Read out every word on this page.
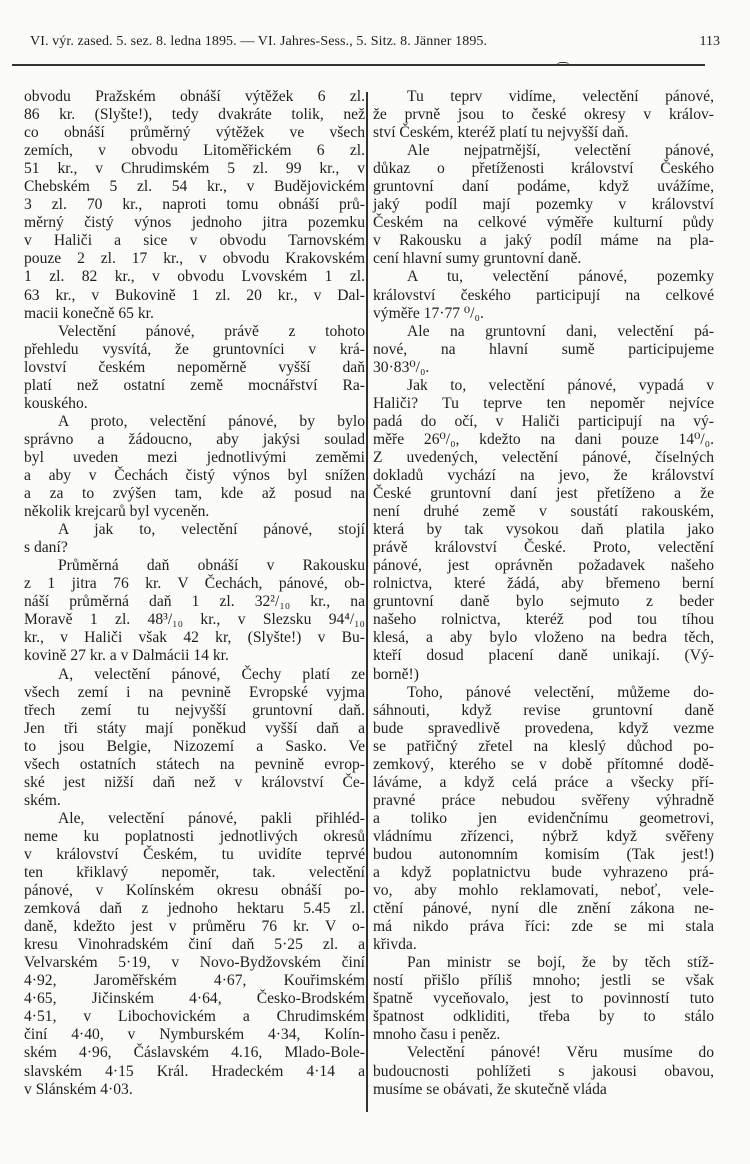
VI. výr. zased. 5. sez. 8. ledna 1895. — VI. Jahres-Sess., 5. Sitz. 8. Jänner 1895.	113
obvodu Pražském obnáší výtěžek 6 zl.
86 kr. (Slyšte!), tedy dvakráte tolik, než
co obnáší průměrný výtěžek ve všech
zemích, v obvodu Litoměřickém 6 zl.
51 kr., v Chrudimském 5 zl. 99 kr., v
Chebském 5 zl. 54 kr., v Budějovickém
3 zl. 70 kr., naproti tomu obnáší prů-
měrný čistý výnos jednoho jitra pozemku
v Haliči a sice v obvodu Tarnovském
pouze 2 zl. 17 kr., v obvodu Krakovském
1 zl. 82 kr., v obvodu Lvovském 1 zl.
63 kr., v Bukovině 1 zl. 20 kr., v Dal-
macii konečně 65 kr.
Velectění pánové, právě z tohoto
přehledu vysvítá, že gruntovníci v krá-
lovství českém nepoměrně vyšší daň
platí než ostatní země mocnářství Ra-
kouského.
A proto, velectění pánové, by bylo
správno a žádoucno, aby jakýsi soulad
byl uveden mezi jednotlivými zeměmi
a aby v Čechách čistý výnos byl snížen
a za to zvýšen tam, kde až posud na
několik krejcarů byl vyceněn.
A jak to, velectění pánové, stojí
s daní?
Průměrná daň obnáší v Rakousku
z 1 jitra 76 kr. V Čechách, pánové, ob-
náší průměrná daň 1 zl. 32²/₁₀ kr., na
Moravě 1 zl. 48³/₁₀ kr., v Slezsku 94⁴/₁₀
kr., v Haliči však 42 kr, (Slyšte!) v Bu-
kovině 27 kr. a v Dalmácii 14 kr.
A, velectění pánové, Čechy platí ze
všech zemí i na pevnině Evropské vyjma
třech zemí tu nejvyšší gruntovní daň.
Jen tři státy mají poněkud vyšší daň a
to jsou Belgie, Nizozemí a Sasko. Ve
všech ostatních státech na pevnině evrop-
ské jest nižší daň než v království Če-
ském.
Ale, velectění pánové, pakli přihléd-
neme ku poplatnosti jednotlivých okresů
v království Českém, tu uvidíte teprvé
ten křiklavý nepoměr, tak. velectění
pánové, v Kolínském okresu obnáší po-
zemková daň z jednoho hektaru 5.45 zl.
daně, kdežto jest v průměru 76 kr. V o-
kresu Vinohradském činí daň 5·25 zl. a
Velvarském 5·19, v Novo-Bydžovském činí
4·92, Jaroměřském 4·67, Kouřimském
4·65, Jičinském 4·64, Česko-Brodském
4·51, v Libochovickém a Chrudimském
činí 4·40, v Nymburském 4·34, Kolín-
ském 4·96, Čáslavském 4.16, Mlado-Bole-
slavském 4·15 Král. Hradeckém 4·14 a
v Slánském 4·03.
Tu teprv vidíme, velectění pánové,
že prvně jsou to české okresy v králov-
ství Českém, kteréž platí tu nejvyšší daň.
Ale nejpatrnější, velectění pánové,
důkaz o přetíženosti království Českého
gruntovní daní podáme, když uvážíme,
jaký podíl mají pozemky v království
Českém na celkové výměře kulturní půdy
v Rakousku a jaký podíl máme na pla-
cení hlavní sumy gruntovní daně.
A tu, velectění pánové, pozemky
království českého participují na celkové
výměře 17·77 ⁰/₀.
Ale na gruntovní dani, velectění pá-
nové, na hlavní sumě participujeme
30·83⁰/₀.
Jak to, velectění pánové, vypadá v
Haliči? Tu teprve ten nepoměr nejvíce
padá do očí, v Haliči participují na vý-
měře 26⁰/₀, kdežto na dani pouze 14⁰/₀.
Z uvedených, velectění pánové, číselných
dokladů vychází na jevo, že království
České gruntovní daní jest přetíženo a že
není druhé země v soustátí rakouském,
která by tak vysokou daň platila jako
právě království České. Proto, velectění
pánové, jest oprávněn požadavek našeho
rolnictva, které žádá, aby břemeno berní
gruntovní daně bylo sejmuto z beder
našeho rolnictva, kteréž pod tou tíhou
klesá, a aby bylo vloženo na bedra těch,
kteří dosud placení daně unikají. (Vý-
borně!)
Toho, pánové velectění, můžeme do-
sáhnouti, když revise gruntovní daně
bude spravedlivě provedena, když vezme
se patřičný zřetel na kleslý důchod po-
zemkový, kterého se v době přítomné dodě-
láváme, a když celá práce a všecky pří-
pravné práce nebudou svěřeny výhradně
a toliko jen evidenčnímu geometrovi,
vládnímu zřízenci, nýbrž když svěřeny
budou autonomním komisím (Tak jest!)
a když poplatnictvu bude vyhrazeno prá-
vo, aby mohlo reklamovati, neboť, vele-
ctění pánové, nyní dle znění zákona ne-
má nikdo práva říci: zde se mi stala
křivda.
Pan ministr se bojí, že by těch stíž-
ností přišlo příliš mnoho; jestli se však
špatně vyceňovalo, jest to povinností tuto
špatnost odkliditi, třeba by to stálo
mnoho času i peněz.
Velectění pánové! Věru musíme do
budoucnosti pohlížeti s jakousi obavou,
musíme se obávati, že skutečně vláda
